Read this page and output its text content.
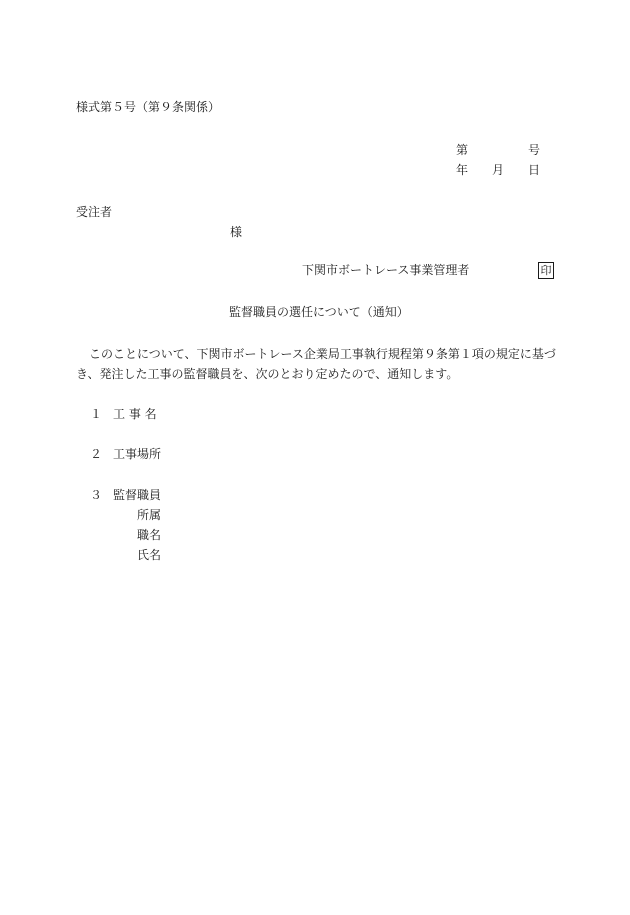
様式第５号（第９条関係）
第	号
年 月 日
受注者
様
下関市ボートレース事業管理者	印
監督職員の選任について（通知）
このことについて、下関市ボートレース企業局工事執行規程第９条第１項の規定に基づ
き、発注した工事の監督職員を、次のとおり定めたので、通知します。
１ 工 事 名
２ 工事場所
３ 監督職員
所属
職名
氏名
